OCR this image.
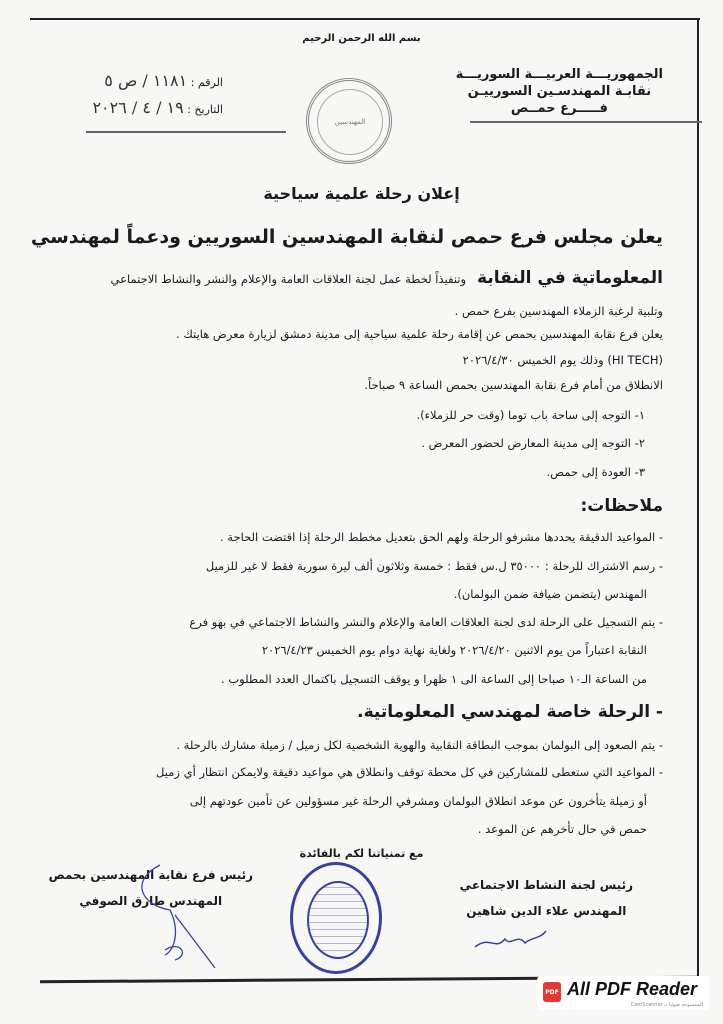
بسم الله الرحمن الرحيم
الجمهوريـــة العربيـــة السوريـــة
نقابـة المهندسـين السورييـن
فـــــرع حمــص
الرقم : ١١٨١ / ص ٥
التاريخ : ١٩ / ٤ / ٢٠٢٦
المهندسين
إعلان رحلة علمية سياحية
يعلن مجلس فرع حمص لنقابة المهندسين السوريين ودعماً لمهندسي
المعلوماتية في النقابة   وتنفيذاً لخطة عمل لجنة العلاقات العامة والإعلام والنشر والنشاط الاجتماعي
وتلبية لرغبة الزملاء المهندسين بفرع حمص .
يعلن فرع نقابة المهندسين بحمص عن إقامة رحلة علمية سياحية إلى مدينة دمشق لزيارة معرض هايتك .
(HI TECH) وذلك يوم الخميس ٢٠٢٦/٤/٣٠
الانطلاق من أمام فرع نقابة المهندسين بحمص الساعة ٩ صباحاً.
١- التوجه إلى ساحة باب توما (وقت حر للزملاء).
٢- التوجه إلى مدينة المعارض لحضور المعرض .
٣- العودة إلى حمص.
ملاحظات:
- المواعيد الدقيقة يحددها مشرفو الرحلة ولهم الحق بتعديل مخطط الرحلة إذا اقتضت الحاجة .
- رسم الاشتراك للرحلة : ٣٥٠٠٠ ل.س فقط : خمسة وثلاثون ألف ليرة سورية فقط لا غير للزميل
المهندس (يتضمن ضيافة ضمن البولمان).
- يتم التسجيل على الرحلة لدى لجنة العلاقات العامة والإعلام والنشر والنشاط الاجتماعي في بهو فرع
النقابة اعتباراً من يوم الاثنين ٢٠٢٦/٤/٢٠ ولغاية نهاية دوام يوم الخميس ٢٠٢٦/٤/٢٣
من الساعة الـ١٠ صباحا إلى الساعة الى ١ ظهرا و يوقف التسجيل باكتمال العدد المطلوب .
- الرحلة خاصة لمهندسي المعلوماتية.
- يتم الصعود إلى البولمان بموجب البطاقة النقابية والهوية الشخصية لكل زميل / زميلة مشارك بالرحلة .
- المواعيد التي ستعطى للمشاركين في كل محطة توقف وانطلاق هي مواعيد دقيقة ولايمكن انتظار أي زميل
أو زميلة يتأخرون عن موعد انطلاق البولمان ومشرفي الرحلة غير مسؤولين عن تأمين عودتهم إلى
حمص في حال تأخرهم عن الموعد .
مع تمنياتنا لكم بالفائدة
رئيس لجنة النشاط الاجتماعي
المهندس علاء الدين شاهين
رئيس فرع نقابة المهندسين بحمص
المهندس طارق الصوفي
PDF All PDF Reader
CamScanner الممسوحة ضوئيا بـ
